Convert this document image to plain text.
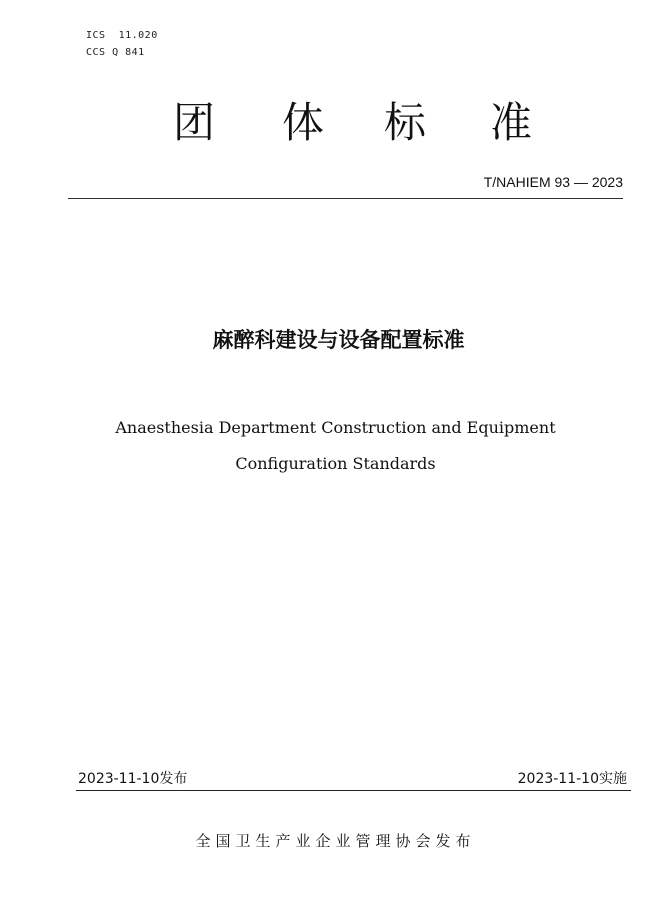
ICS  11.020
CCS Q 841
团 体 标 准
T/NAHIEM 93 — 2023
麻醉科建设与设备配置标准
Anaesthesia Department Construction and Equipment
Configuration Standards
2023-11-10发布	2023-11-10实施
全国卫生产业企业管理协会发布
